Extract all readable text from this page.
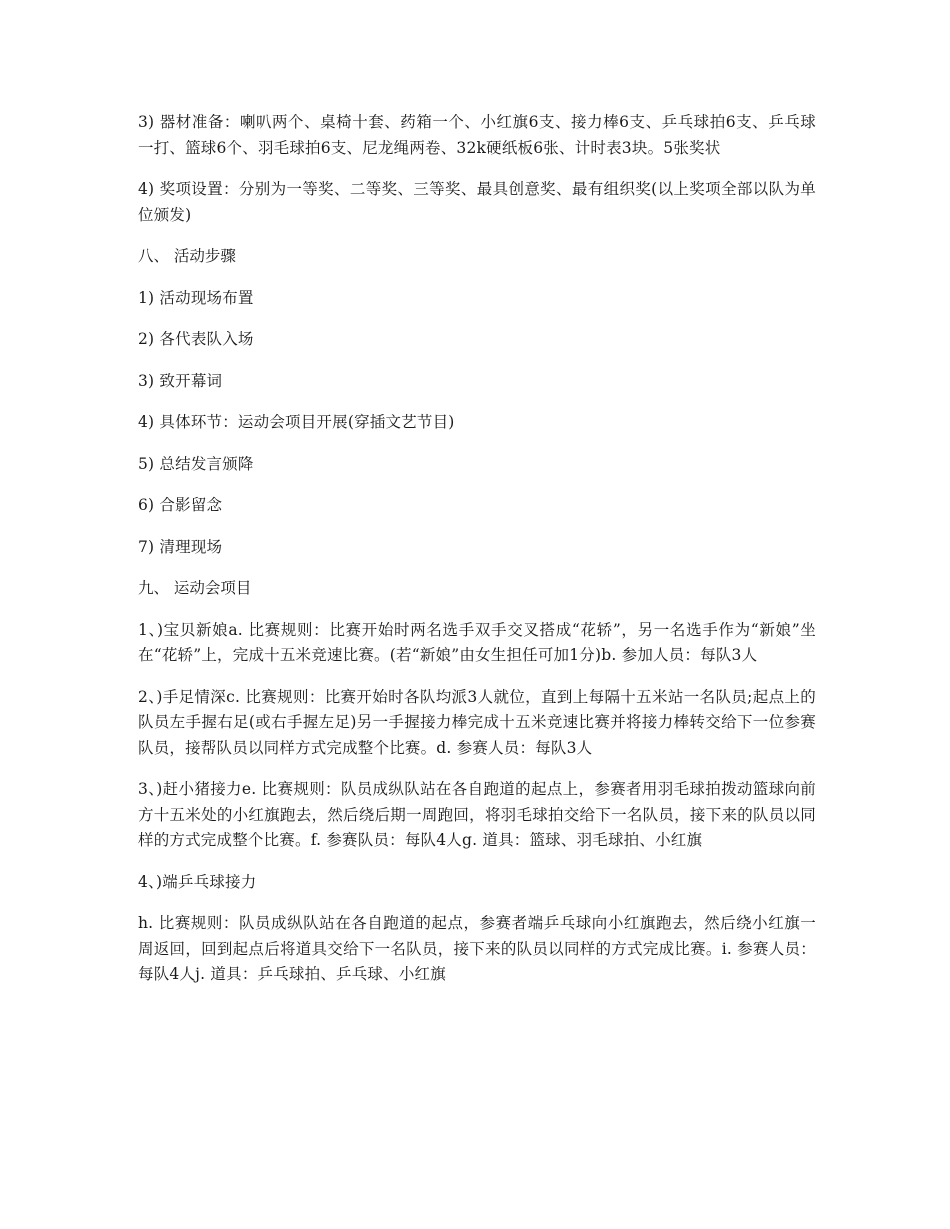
3) 器材准备：喇叭两个、桌椅十套、药箱一个、小红旗6支、接力棒6支、乒乓球拍6支、乒乓球一打、篮球6个、羽毛球拍6支、尼龙绳两卷、32k硬纸板6张、计时表3块。5张奖状

4) 奖项设置：分别为一等奖、二等奖、三等奖、最具创意奖、最有组织奖(以上奖项全部以队为单位颁发)

八、 活动步骤

1) 活动现场布置

2) 各代表队入场

3) 致开幕词

4) 具体环节：运动会项目开展(穿插文艺节目)

5) 总结发言颁降

6) 合影留念

7) 清理现场

九、 运动会项目

1、)宝贝新娘a. 比赛规则：比赛开始时两名选手双手交叉搭成“花轿”，另一名选手作为“新娘”坐在“花轿”上，完成十五米竞速比赛。(若“新娘”由女生担任可加1分)b. 参加人员：每队3人

2、)手足情深c. 比赛规则：比赛开始时各队均派3人就位，直到上每隔十五米站一名队员;起点上的队员左手握右足(或右手握左足)另一手握接力棒完成十五米竞速比赛并将接力棒转交给下一位参赛队员，接帮队员以同样方式完成整个比赛。d. 参赛人员：每队3人

3、)赶小猪接力e. 比赛规则：队员成纵队站在各自跑道的起点上，参赛者用羽毛球拍拨动篮球向前方十五米处的小红旗跑去，然后绕后期一周跑回，将羽毛球拍交给下一名队员，接下来的队员以同样的方式完成整个比赛。f. 参赛队员：每队4人g. 道具：篮球、羽毛球拍、小红旗

4、)端乒乓球接力

h. 比赛规则：队员成纵队站在各自跑道的起点，参赛者端乒乓球向小红旗跑去，然后绕小红旗一周返回，回到起点后将道具交给下一名队员，接下来的队员以同样的方式完成比赛。i. 参赛人员：每队4人j. 道具：乒乓球拍、乒乓球、小红旗
